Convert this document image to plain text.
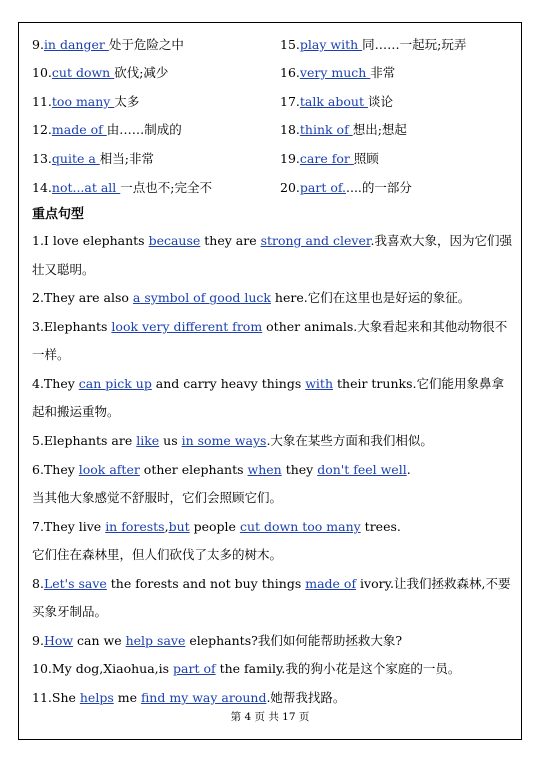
9.in danger 处于危险之中	15.play with 同……一起玩;玩弄
10.cut down 砍伐;减少	16.very much 非常
11.too many 太多	17.talk about 谈论
12.made of 由……制成的	18.think of 想出;想起
13.quite a 相当;非常	19.care for 照顾
14.not...at all 一点也不;完全不	20.part of.....的一部分
重点句型
1.I love elephants because they are strong and clever.我喜欢大象，因为它们强
壮又聪明。
2.They are also a symbol of good luck here.它们在这里也是好运的象征。
3.Elephants look very different from other animals.大象看起来和其他动物很不
一样。
4.They can pick up and carry heavy things with their trunks.它们能用象鼻拿
起和搬运重物。
5.Elephants are like us in some ways.大象在某些方面和我们相似。
6.They look after other elephants when they don't feel well.
当其他大象感觉不舒服时，它们会照顾它们。
7.They live in forests,but people cut down too many trees.
它们住在森林里，但人们砍伐了太多的树木。
8.Let's save the forests and not buy things made of ivory.让我们拯救森林,不要
买象牙制品。
9.How can we help save elephants?我们如何能帮助拯救大象?
10.My dog,Xiaohua,is part of the family.我的狗小花是这个家庭的一员。
11.She helps me find my way around.她帮我找路。
第 4 页 共 17 页
